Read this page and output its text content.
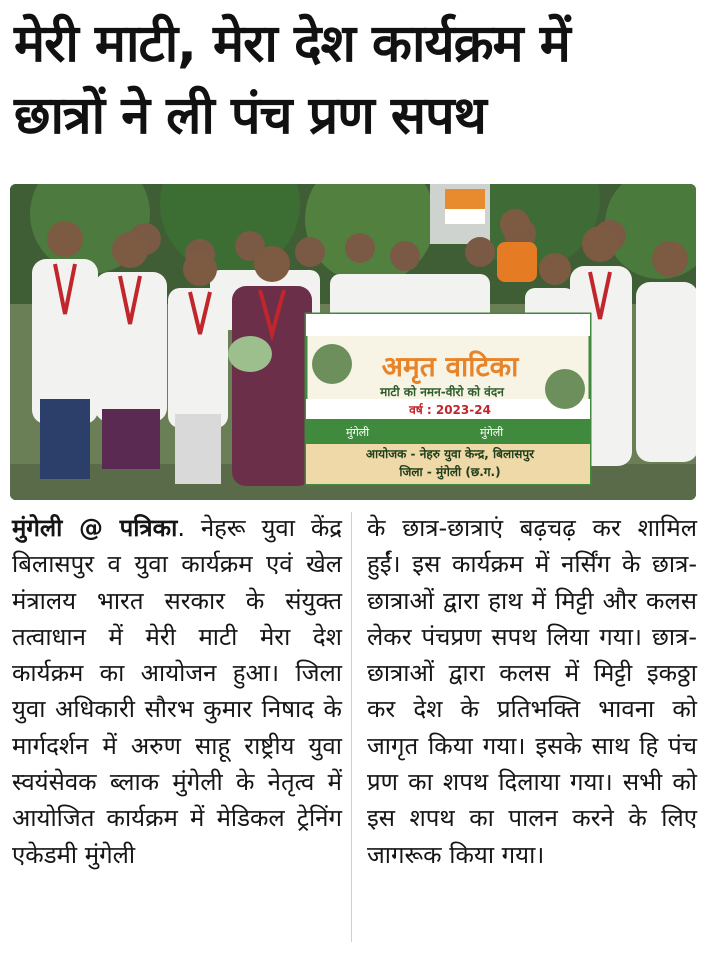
मेरी माटी, मेरा देश कार्यक्रम में
छात्रों ने ली पंच प्रण सपथ
अमृत वाटिका
माटी को नमन-वीरो को वंदन
वर्ष : 2023-24
मुंगेली	मुंगेली
आयोजक - नेहरु युवा केन्द्र, बिलासपुर
जिला - मुंगेली (छ.ग.)
मुंगेली @ पत्रिका. नेहरू युवा केंद्र बिलासपुर व युवा कार्यक्रम एवं खेल मंत्रालय भारत सरकार के संयुक्त तत्वाधान में मेरी माटी मेरा देश कार्यक्रम का आयोजन हुआ। जिला युवा अधिकारी सौरभ कुमार निषाद के मार्गदर्शन में अरुण साहू राष्ट्रीय युवा स्वयंसेवक ब्लाक मुंगेली के नेतृत्व में आयोजित कार्यक्रम में मेडिकल ट्रेनिंग एकेडमी मुंगेली
के छात्र-छात्राएं बढ़चढ़ कर शामिल हुईं। इस कार्यक्रम में नर्सिंग के छात्र-छात्राओं द्वारा हाथ में मिट्टी और कलस लेकर पंचप्रण सपथ लिया गया। छात्र-छात्राओं द्वारा कलस में मिट्टी इकठ्ठा कर देश के प्रतिभक्ति भावना को जागृत किया गया। इसके साथ हि पंच प्रण का शपथ दिलाया गया। सभी को इस शपथ का पालन करने के लिए जागरूक किया गया।
